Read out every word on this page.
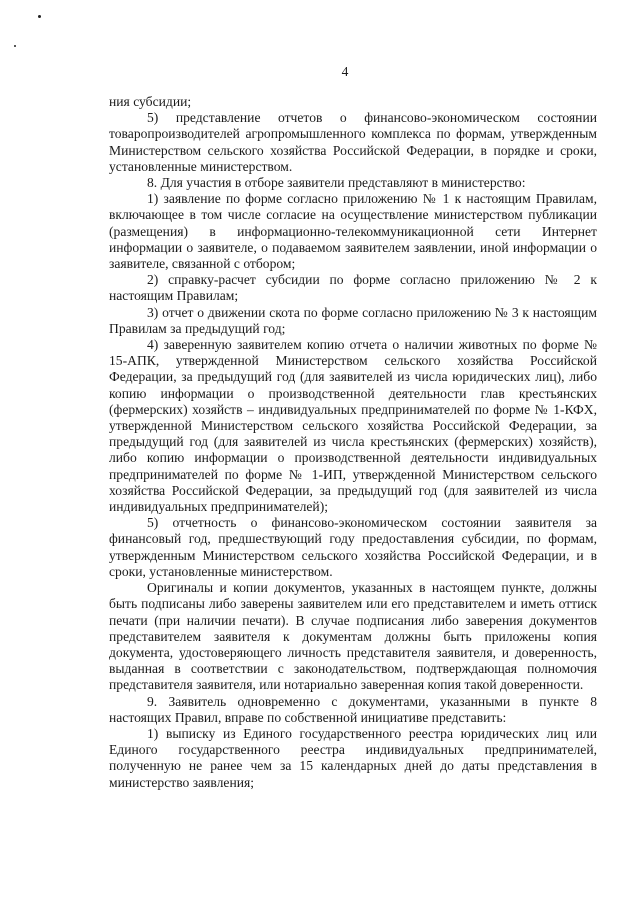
4

ния субсидии;

5) представление отчетов о финансово-экономическом состоянии товаропроизводителей агропромышленного комплекса по формам, утвержденным Министерством сельского хозяйства Российской Федерации, в порядке и сроки, установленные министерством.

8. Для участия в отборе заявители представляют в министерство:

1) заявление по форме согласно приложению № 1 к настоящим Правилам, включающее в том числе согласие на осуществление министерством публикации (размещения) в информационно-телекоммуникационной сети Интернет информации о заявителе, о подаваемом заявителем заявлении, иной информации о заявителе, связанной с отбором;

2) справку-расчет субсидии по форме согласно приложению № 2 к настоящим Правилам;

3) отчет о движении скота по форме согласно приложению № 3 к настоящим Правилам за предыдущий год;

4) заверенную заявителем копию отчета о наличии животных по форме № 15-АПК, утвержденной Министерством сельского хозяйства Российской Федерации, за предыдущий год (для заявителей из числа юридических лиц), либо копию информации о производственной деятельности глав крестьянских (фермерских) хозяйств – индивидуальных предпринимателей по форме № 1-КФХ, утвержденной Министерством сельского хозяйства Российской Федерации, за предыдущий год (для заявителей из числа крестьянских (фермерских) хозяйств), либо копию информации о производственной деятельности индивидуальных предпринимателей по форме № 1-ИП, утвержденной Министерством сельского хозяйства Российской Федерации, за предыдущий год (для заявителей из числа индивидуальных предпринимателей);

5) отчетность о финансово-экономическом состоянии заявителя за финансовый год, предшествующий году предоставления субсидии, по формам, утвержденным Министерством сельского хозяйства Российской Федерации, и в сроки, установленные министерством.

Оригиналы и копии документов, указанных в настоящем пункте, должны быть подписаны либо заверены заявителем или его представителем и иметь оттиск печати (при наличии печати). В случае подписания либо заверения документов представителем заявителя к документам должны быть приложены копия документа, удостоверяющего личность представителя заявителя, и доверенность, выданная в соответствии с законодательством, подтверждающая полномочия представителя заявителя, или нотариально заверенная копия такой доверенности.

9. Заявитель одновременно с документами, указанными в пункте 8 настоящих Правил, вправе по собственной инициативе представить:

1) выписку из Единого государственного реестра юридических лиц или Единого государственного реестра индивидуальных предпринимателей, полученную не ранее чем за 15 календарных дней до даты представления в министерство заявления;
